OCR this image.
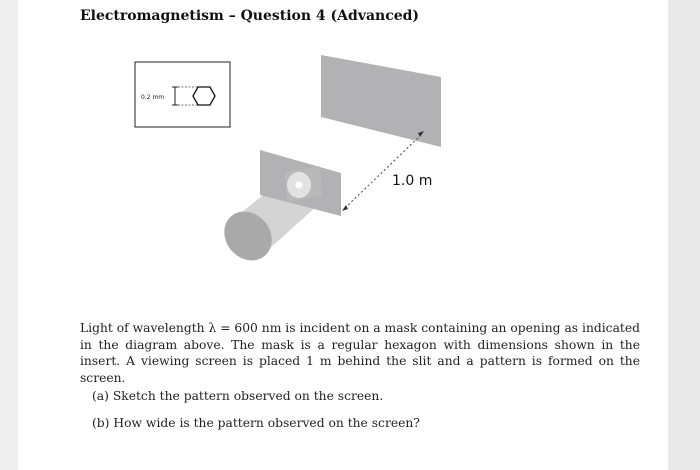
Electromagnetism – Question 4 (Advanced)
0.2 mm
1.0 m
Light of wavelength λ = 600 nm is incident on a mask containing an opening as indicated in the diagram above. The mask is a regular hexagon with dimensions shown in the insert. A viewing screen is placed 1 m behind the slit and a pattern is formed on the screen.
(a) Sketch the pattern observed on the screen.
(b) How wide is the pattern observed on the screen?
